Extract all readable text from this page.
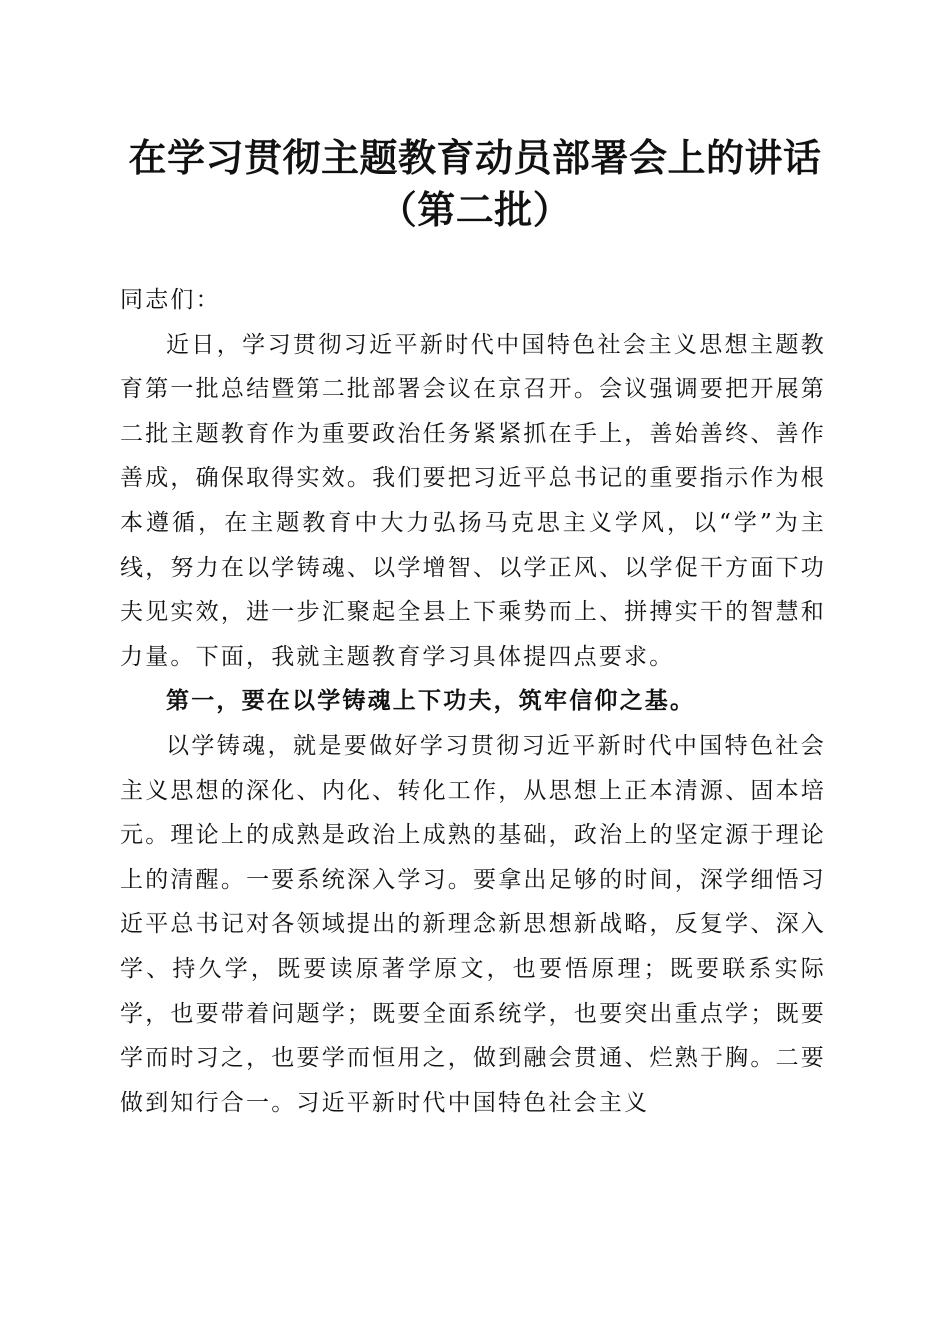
在学习贯彻主题教育动员部署会上的讲话（第二批）

同志们：

近日，学习贯彻习近平新时代中国特色社会主义思想主题教育第一批总结暨第二批部署会议在京召开。会议强调要把开展第二批主题教育作为重要政治任务紧紧抓在手上，善始善终、善作善成，确保取得实效。我们要把习近平总书记的重要指示作为根本遵循，在主题教育中大力弘扬马克思主义学风，以“学”为主线，努力在以学铸魂、以学增智、以学正风、以学促干方面下功夫见实效，进一步汇聚起全县上下乘势而上、拼搏实干的智慧和力量。下面，我就主题教育学习具体提四点要求。

第一，要在以学铸魂上下功夫，筑牢信仰之基。

以学铸魂，就是要做好学习贯彻习近平新时代中国特色社会主义思想的深化、内化、转化工作，从思想上正本清源、固本培元。理论上的成熟是政治上成熟的基础，政治上的坚定源于理论上的清醒。一要系统深入学习。要拿出足够的时间，深学细悟习近平总书记对各领域提出的新理念新思想新战略，反复学、深入学、持久学，既要读原著学原文，也要悟原理；既要联系实际学，也要带着问题学；既要全面系统学，也要突出重点学；既要学而时习之，也要学而恒用之，做到融会贯通、烂熟于胸。二要做到知行合一。习近平新时代中国特色社会主义
